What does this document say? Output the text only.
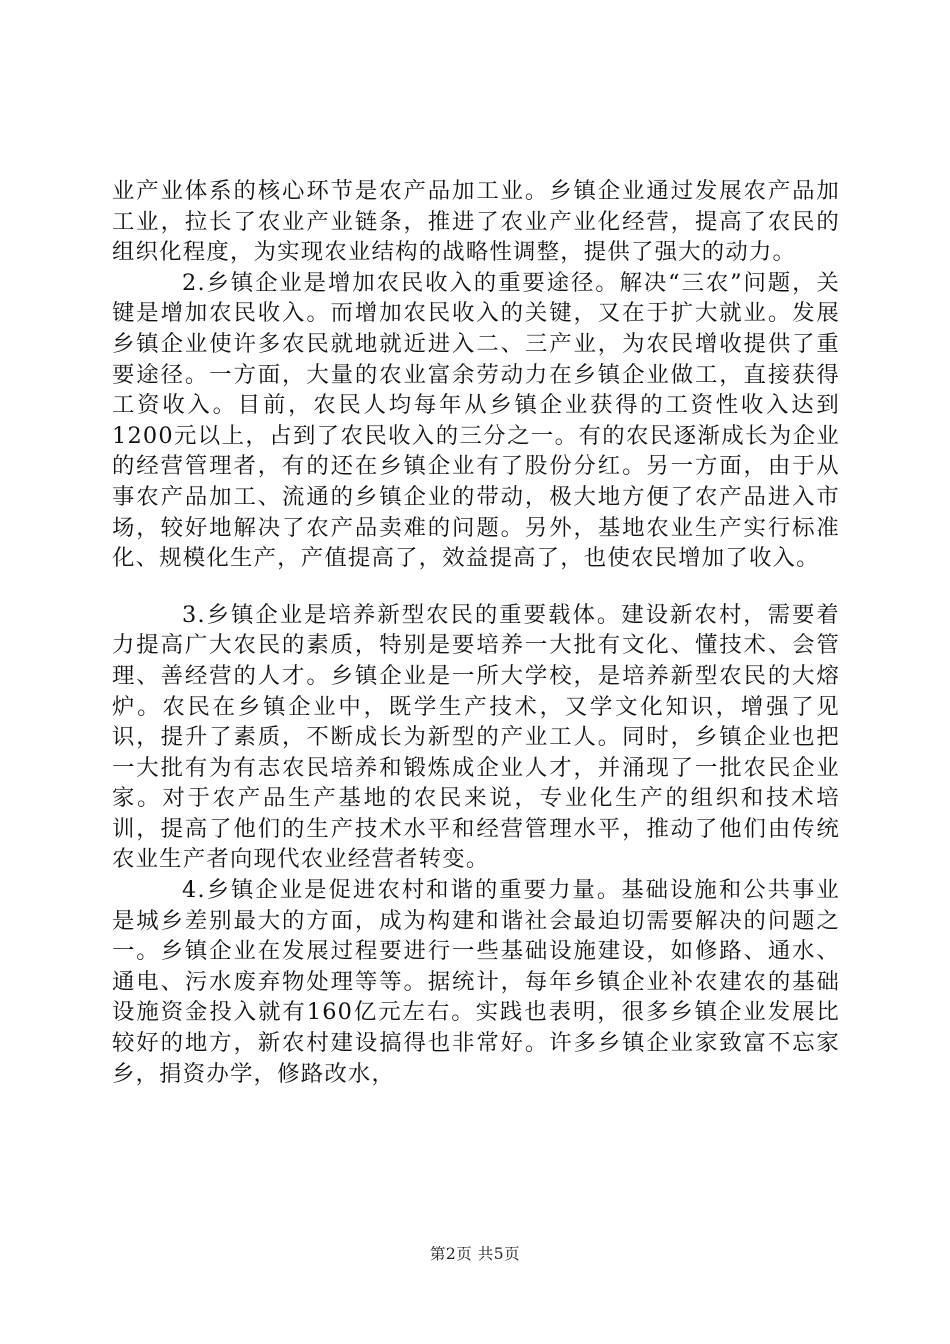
业产业体系的核心环节是农产品加工业。乡镇企业通过发展农产品加工业，拉长了农业产业链条，推进了农业产业化经营，提高了农民的组织化程度，为实现农业结构的战略性调整，提供了强大的动力。

2.乡镇企业是增加农民收入的重要途径。解决“三农”问题，关键是增加农民收入。而增加农民收入的关键，又在于扩大就业。发展乡镇企业使许多农民就地就近进入二、三产业，为农民增收提供了重要途径。一方面，大量的农业富余劳动力在乡镇企业做工，直接获得工资收入。目前，农民人均每年从乡镇企业获得的工资性收入达到1200元以上，占到了农民收入的三分之一。有的农民逐渐成长为企业的经营管理者，有的还在乡镇企业有了股份分红。另一方面，由于从事农产品加工、流通的乡镇企业的带动，极大地方便了农产品进入市场，较好地解决了农产品卖难的问题。另外，基地农业生产实行标准化、规模化生产，产值提高了，效益提高了，也使农民增加了收入。

3.乡镇企业是培养新型农民的重要载体。建设新农村，需要着力提高广大农民的素质，特别是要培养一大批有文化、懂技术、会管理、善经营的人才。乡镇企业是一所大学校，是培养新型农民的大熔炉。农民在乡镇企业中，既学生产技术，又学文化知识，增强了见识，提升了素质，不断成长为新型的产业工人。同时，乡镇企业也把一大批有为有志农民培养和锻炼成企业人才，并涌现了一批农民企业家。对于农产品生产基地的农民来说，专业化生产的组织和技术培训，提高了他们的生产技术水平和经营管理水平，推动了他们由传统农业生产者向现代农业经营者转变。

4.乡镇企业是促进农村和谐的重要力量。基础设施和公共事业是城乡差别最大的方面，成为构建和谐社会最迫切需要解决的问题之一。乡镇企业在发展过程要进行一些基础设施建设，如修路、通水、通电、污水废弃物处理等等。据统计，每年乡镇企业补农建农的基础设施资金投入就有160亿元左右。实践也表明，很多乡镇企业发展比较好的地方，新农村建设搞得也非常好。许多乡镇企业家致富不忘家乡，捐资办学，修路改水，

第2页 共5页
